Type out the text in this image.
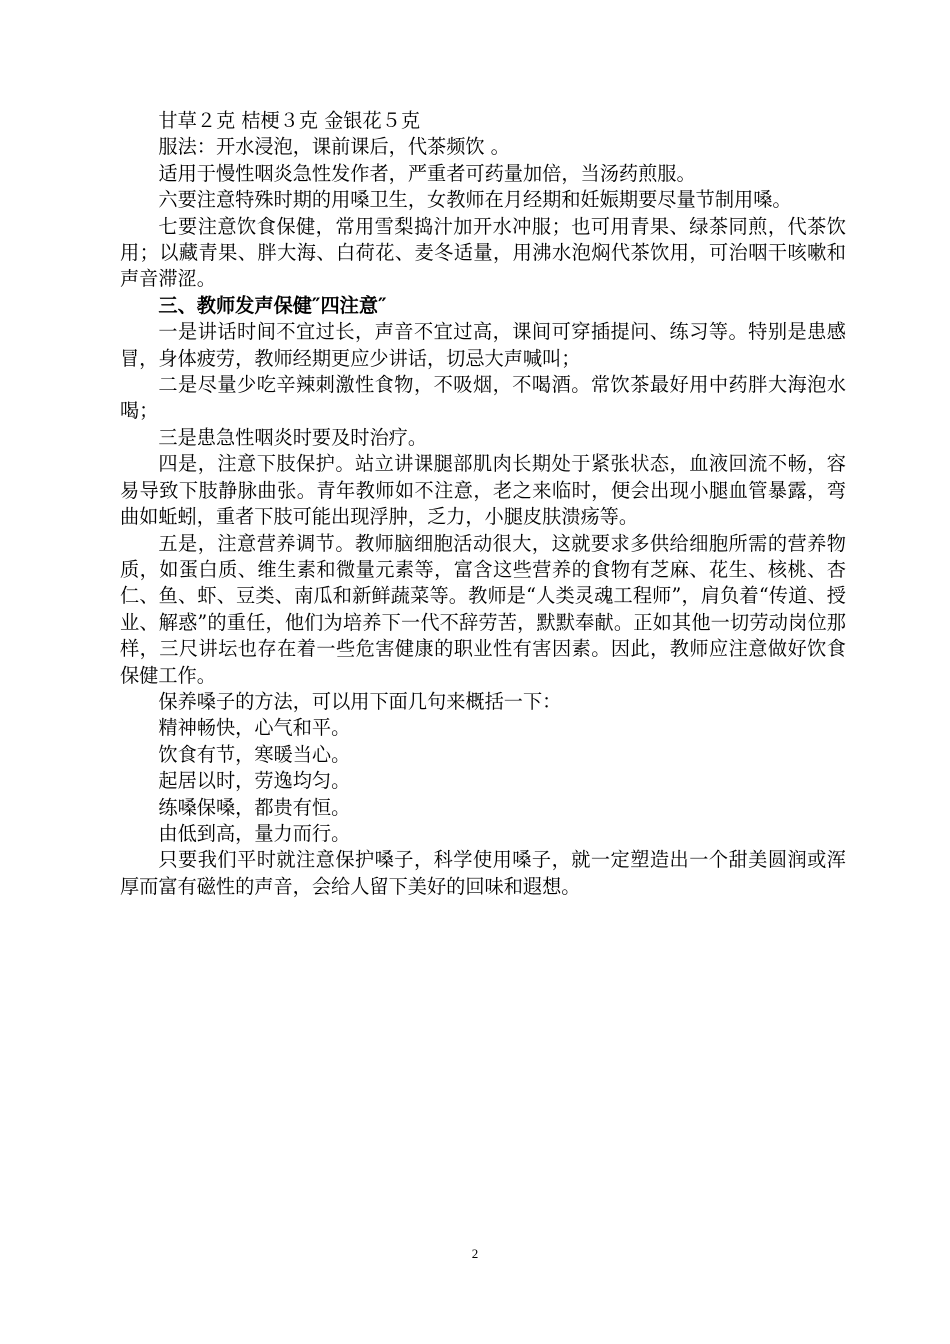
甘草２克 桔梗３克 金银花５克

服法：开水浸泡，课前课后，代茶频饮 。

适用于慢性咽炎急性发作者，严重者可药量加倍，当汤药煎服。

六要注意特殊时期的用嗓卫生，女教师在月经期和妊娠期要尽量节制用嗓。

七要注意饮食保健，常用雪梨捣汁加开水冲服；也可用青果、绿茶同煎，代茶饮用；以藏青果、胖大海、白荷花、麦冬适量，用沸水泡焖代茶饮用，可治咽干咳嗽和声音滞涩。

三、教师发声保健″四注意″

一是讲话时间不宜过长，声音不宜过高，课间可穿插提问、练习等。特别是患感冒，身体疲劳，教师经期更应少讲话，切忌大声喊叫；

二是尽量少吃辛辣刺激性食物，不吸烟，不喝酒。常饮茶最好用中药胖大海泡水喝；

三是患急性咽炎时要及时治疗。

四是，注意下肢保护。站立讲课腿部肌肉长期处于紧张状态，血液回流不畅，容易导致下肢静脉曲张。青年教师如不注意，老之来临时，便会出现小腿血管暴露，弯曲如蚯蚓，重者下肢可能出现浮肿，乏力，小腿皮肤溃疡等。

五是，注意营养调节。教师脑细胞活动很大，这就要求多供给细胞所需的营养物质，如蛋白质、维生素和微量元素等，富含这些营养的食物有芝麻、花生、核桃、杏仁、鱼、虾、豆类、南瓜和新鲜蔬菜等。教师是“人类灵魂工程师”，肩负着“传道、授业、解惑”的重任，他们为培养下一代不辞劳苦，默默奉献。正如其他一切劳动岗位那样，三尺讲坛也存在着一些危害健康的职业性有害因素。因此，教师应注意做好饮食保健工作。

保养嗓子的方法，可以用下面几句来概括一下：

精神畅快，心气和平。

饮食有节，寒暖当心。

起居以时，劳逸均匀。

练嗓保嗓，都贵有恒。

由低到高，量力而行。

只要我们平时就注意保护嗓子，科学使用嗓子，就一定塑造出一个甜美圆润或浑厚而富有磁性的声音，会给人留下美好的回味和遐想。

2
